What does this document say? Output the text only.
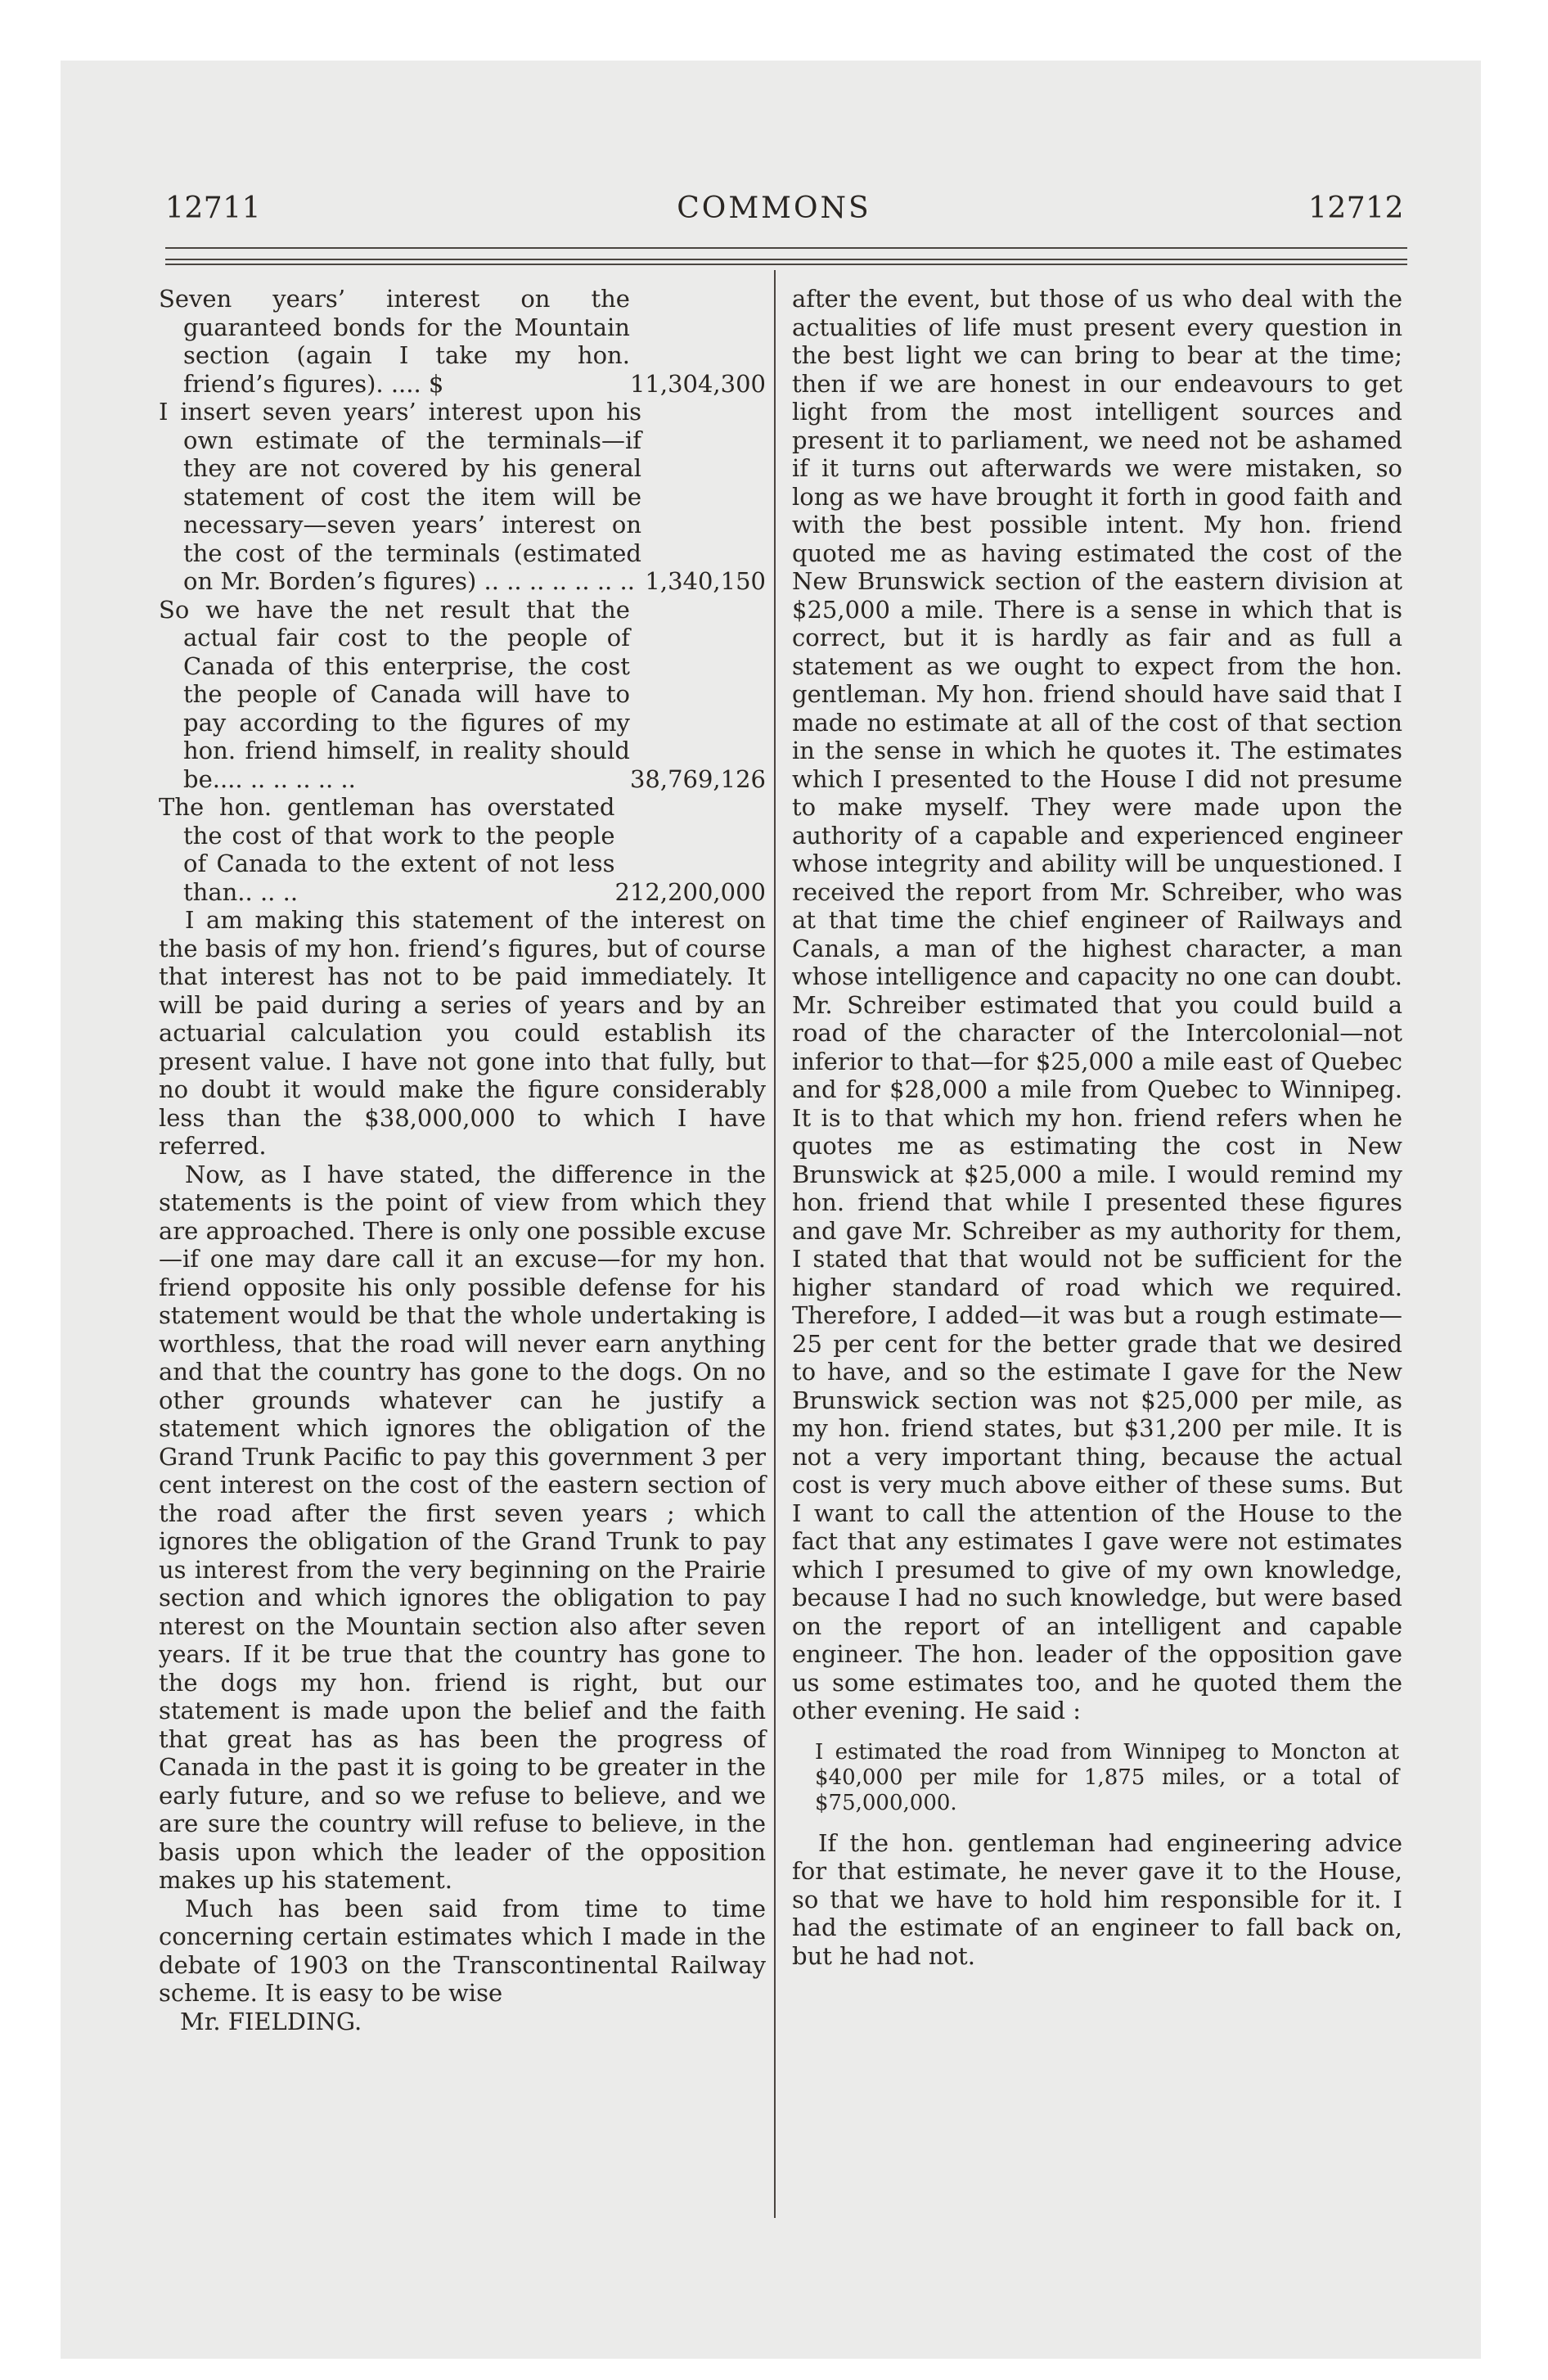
12711	COMMONS	12712
Seven years’ interest on the guaranteed bonds for the Mountain section (again I take my hon. friend’s figures). .... $	11,304,300
I insert seven years’ interest upon his own estimate of the terminals—if they are not covered by his general statement of cost the item will be necessary—seven years’ interest on the cost of the terminals (estimated on Mr. Borden’s figures) .. .. .. .. .. .. .. 1,340,150
So we have the net result that the actual fair cost to the people of Canada of this enterprise, the cost the people of Canada will have to pay according to the figures of my hon. friend himself, in reality should be.... .. .. .. .. ..	38,769,126
The hon. gentleman has overstated the cost of that work to the people of Canada to the extent of not less than.. .. ..	212,200,000

I am making this statement of the interest on the basis of my hon. friend’s figures, but of course that interest has not to be paid immediately. It will be paid during a series of years and by an actuarial calculation you could establish its present value. I have not gone into that fully, but no doubt it would make the figure considerably less than the $38,000,000 to which I have referred.

Now, as I have stated, the difference in the statements is the point of view from which they are approached. There is only one possible excuse—if one may dare call it an excuse—for my hon. friend opposite his only possible defense for his statement would be that the whole undertaking is worthless, that the road will never earn anything and that the country has gone to the dogs. On no other grounds whatever can he justify a statement which ignores the obligation of the Grand Trunk Pacific to pay this government 3 per cent interest on the cost of the eastern section of the road after the first seven years ; which ignores the obligation of the Grand Trunk to pay us interest from the very beginning on the Prairie section and which ignores the obligation to pay nterest on the Mountain section also after seven years. If it be true that the country has gone to the dogs my hon. friend is right, but our statement is made upon the belief and the faith that great has as has been the progress of Canada in the past it is going to be greater in the early future, and so we refuse to believe, and we are sure the country will refuse to believe, in the basis upon which the leader of the opposition makes up his statement.

Much has been said from time to time concerning certain estimates which I made in the debate of 1903 on the Transcontinental Railway scheme. It is easy to be wise

Mr. FIELDING.

after the event, but those of us who deal with the actualities of life must present every question in the best light we can bring to bear at the time; then if we are honest in our endeavours to get light from the most intelligent sources and present it to parliament, we need not be ashamed if it turns out afterwards we were mistaken, so long as we have brought it forth in good faith and with the best possible intent. My hon. friend quoted me as having estimated the cost of the New Brunswick section of the eastern division at $25,000 a mile. There is a sense in which that is correct, but it is hardly as fair and as full a statement as we ought to expect from the hon. gentleman. My hon. friend should have said that I made no estimate at all of the cost of that section in the sense in which he quotes it. The estimates which I presented to the House I did not presume to make myself. They were made upon the authority of a capable and experienced engineer whose integrity and ability will be unquestioned. I received the report from Mr. Schreiber, who was at that time the chief engineer of Railways and Canals, a man of the highest character, a man whose intelligence and capacity no one can doubt. Mr. Schreiber estimated that you could build a road of the character of the Intercolonial—not inferior to that—for $25,000 a mile east of Quebec and for $28,000 a mile from Quebec to Winnipeg. It is to that which my hon. friend refers when he quotes me as estimating the cost in New Brunswick at $25,000 a mile. I would remind my hon. friend that while I presented these figures and gave Mr. Schreiber as my authority for them, I stated that that would not be sufficient for the higher standard of road which we required. Therefore, I added—it was but a rough estimate—25 per cent for the better grade that we desired to have, and so the estimate I gave for the New Brunswick section was not $25,000 per mile, as my hon. friend states, but $31,200 per mile. It is not a very important thing, because the actual cost is very much above either of these sums. But I want to call the attention of the House to the fact that any estimates I gave were not estimates which I presumed to give of my own knowledge, because I had no such knowledge, but were based on the report of an intelligent and capable engineer. The hon. leader of the opposition gave us some estimates too, and he quoted them the other evening. He said :

I estimated the road from Winnipeg to Moncton at $40,000 per mile for 1,875 miles, or a total of $75,000,000.

If the hon. gentleman had engineering advice for that estimate, he never gave it to the House, so that we have to hold him responsible for it. I had the estimate of an engineer to fall back on, but he had not.
